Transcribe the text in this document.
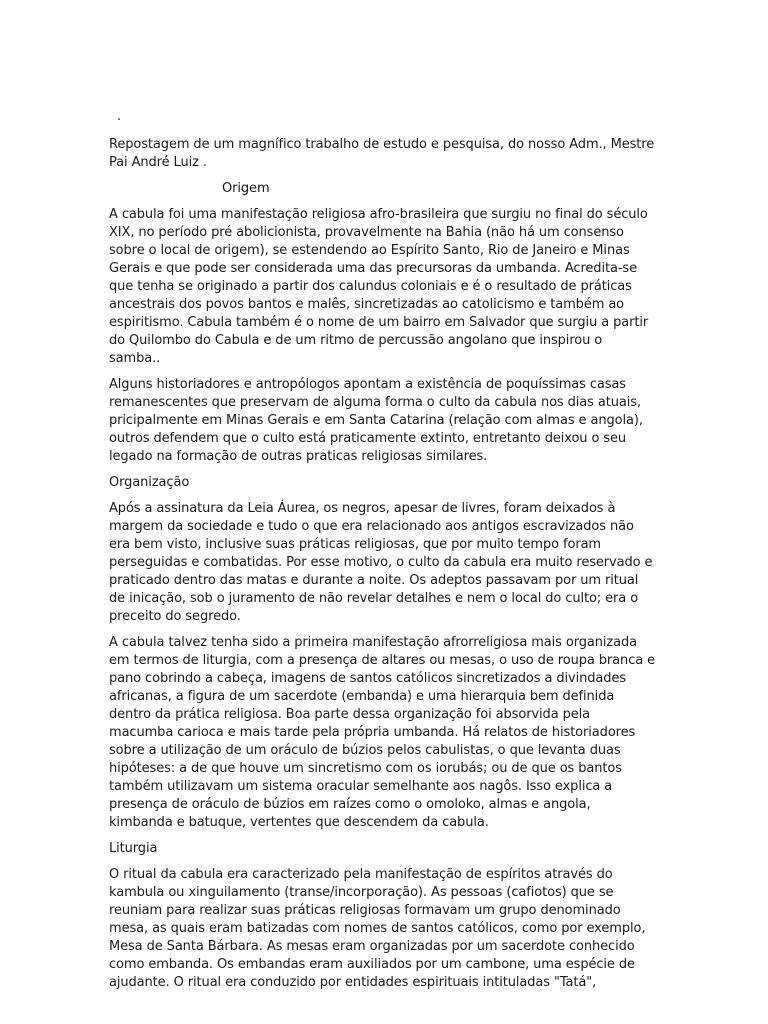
.

Repostagem de um magnífico trabalho de estudo e pesquisa, do nosso Adm., Mestre Pai André Luiz .

Origem

A cabula foi uma manifestação religiosa afro-brasileira que surgiu no final do século XIX, no período pré abolicionista, provavelmente na Bahia (não há um consenso sobre o local de origem), se estendendo ao Espírito Santo, Rio de Janeiro e Minas Gerais e que pode ser considerada uma das precursoras da umbanda. Acredita-se que tenha se originado a partir dos calundus coloniais e é o resultado de práticas ancestrais dos povos bantos e malês, sincretizadas ao catolicismo e também ao espiritismo. Cabula também é o nome de um bairro em Salvador que surgiu a partir do Quilombo do Cabula e de um ritmo de percussão angolano que inspirou o samba..

Alguns historiadores e antropólogos apontam a existência de poquíssimas casas remanescentes que preservam de alguma forma o culto da cabula nos dias atuais, pricipalmente em Minas Gerais e em Santa Catarina (relação com almas e angola), outros defendem que o culto está praticamente extinto, entretanto deixou o seu legado na formação de outras praticas religiosas similares.

Organização

Após a assinatura da Leia Áurea, os negros, apesar de livres, foram deixados à margem da sociedade e tudo o que era relacionado aos antigos escravizados não era bem visto, inclusive suas práticas religiosas, que por muito tempo foram perseguidas e combatidas. Por esse motivo, o culto da cabula era muito reservado e praticado dentro das matas e durante a noite. Os adeptos passavam por um ritual de inicação, sob o juramento de não revelar detalhes e nem o local do culto; era o preceito do segredo.

A cabula talvez tenha sido a primeira manifestação afrorreligiosa mais organizada em termos de liturgia, com a presença de altares ou mesas, o uso de roupa branca e pano cobrindo a cabeça, imagens de santos católicos sincretizados a divindades africanas, a figura de um sacerdote (embanda) e uma hierarquia bem definida dentro da prática religiosa. Boa parte dessa organização foi absorvida pela macumba carioca e mais tarde pela própria umbanda. Há relatos de historiadores sobre a utilização de um oráculo de búzios pelos cabulistas, o que levanta duas hipóteses: a de que houve um sincretismo com os iorubás; ou de que os bantos também utilizavam um sistema oracular semelhante aos nagôs. Isso explica a presença de oráculo de búzios em raízes como o omoloko, almas e angola, kimbanda e batuque, vertentes que descendem da cabula.

Liturgia

O ritual da cabula era caracterizado pela manifestação de espíritos através do kambula ou xinguilamento (transe/incorporação). As pessoas (cafiotos) que se reuniam para realizar suas práticas religiosas formavam um grupo denominado mesa, as quais eram batizadas com nomes de santos católicos, como por exemplo, Mesa de Santa Bárbara. As mesas eram organizadas por um sacerdote conhecido como embanda. Os embandas eram auxiliados por um cambone, uma espécie de ajudante. O ritual era conduzido por entidades espirituais intituladas "Tatá",
